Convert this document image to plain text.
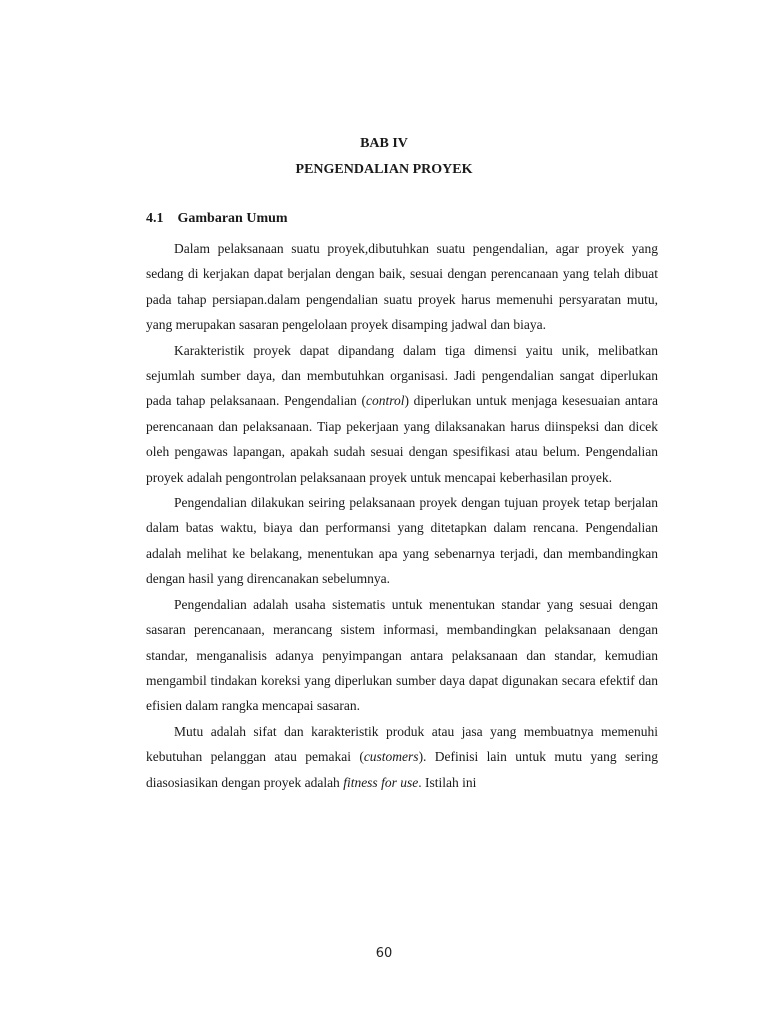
BAB IV
PENGENDALIAN PROYEK
4.1 Gambaran Umum

Dalam pelaksanaan suatu proyek,dibutuhkan suatu pengendalian, agar proyek yang sedang di kerjakan dapat berjalan dengan baik, sesuai dengan perencanaan yang telah dibuat pada tahap persiapan.dalam pengendalian suatu proyek harus memenuhi persyaratan mutu, yang merupakan sasaran pengelolaan proyek disamping jadwal dan biaya.

Karakteristik proyek dapat dipandang dalam tiga dimensi yaitu unik, melibatkan sejumlah sumber daya, dan membutuhkan organisasi. Jadi pengendalian sangat diperlukan pada tahap pelaksanaan. Pengendalian (control) diperlukan untuk menjaga kesesuaian antara perencanaan dan pelaksanaan. Tiap pekerjaan yang dilaksanakan harus diinspeksi dan dicek oleh pengawas lapangan, apakah sudah sesuai dengan spesifikasi atau belum. Pengendalian proyek adalah pengontrolan pelaksanaan proyek untuk mencapai keberhasilan proyek.

Pengendalian dilakukan seiring pelaksanaan proyek dengan tujuan proyek tetap berjalan dalam batas waktu, biaya dan performansi yang ditetapkan dalam rencana. Pengendalian adalah melihat ke belakang, menentukan apa yang sebenarnya terjadi, dan membandingkan dengan hasil yang direncanakan sebelumnya.

Pengendalian adalah usaha sistematis untuk menentukan standar yang sesuai dengan sasaran perencanaan, merancang sistem informasi, membandingkan pelaksanaan dengan standar, menganalisis adanya penyimpangan antara pelaksanaan dan standar, kemudian mengambil tindakan koreksi yang diperlukan sumber daya dapat digunakan secara efektif dan efisien dalam rangka mencapai sasaran.

Mutu adalah sifat dan karakteristik produk atau jasa yang membuatnya memenuhi kebutuhan pelanggan atau pemakai (customers). Definisi lain untuk mutu yang sering diasosiasikan dengan proyek adalah fitness for use. Istilah ini

60
